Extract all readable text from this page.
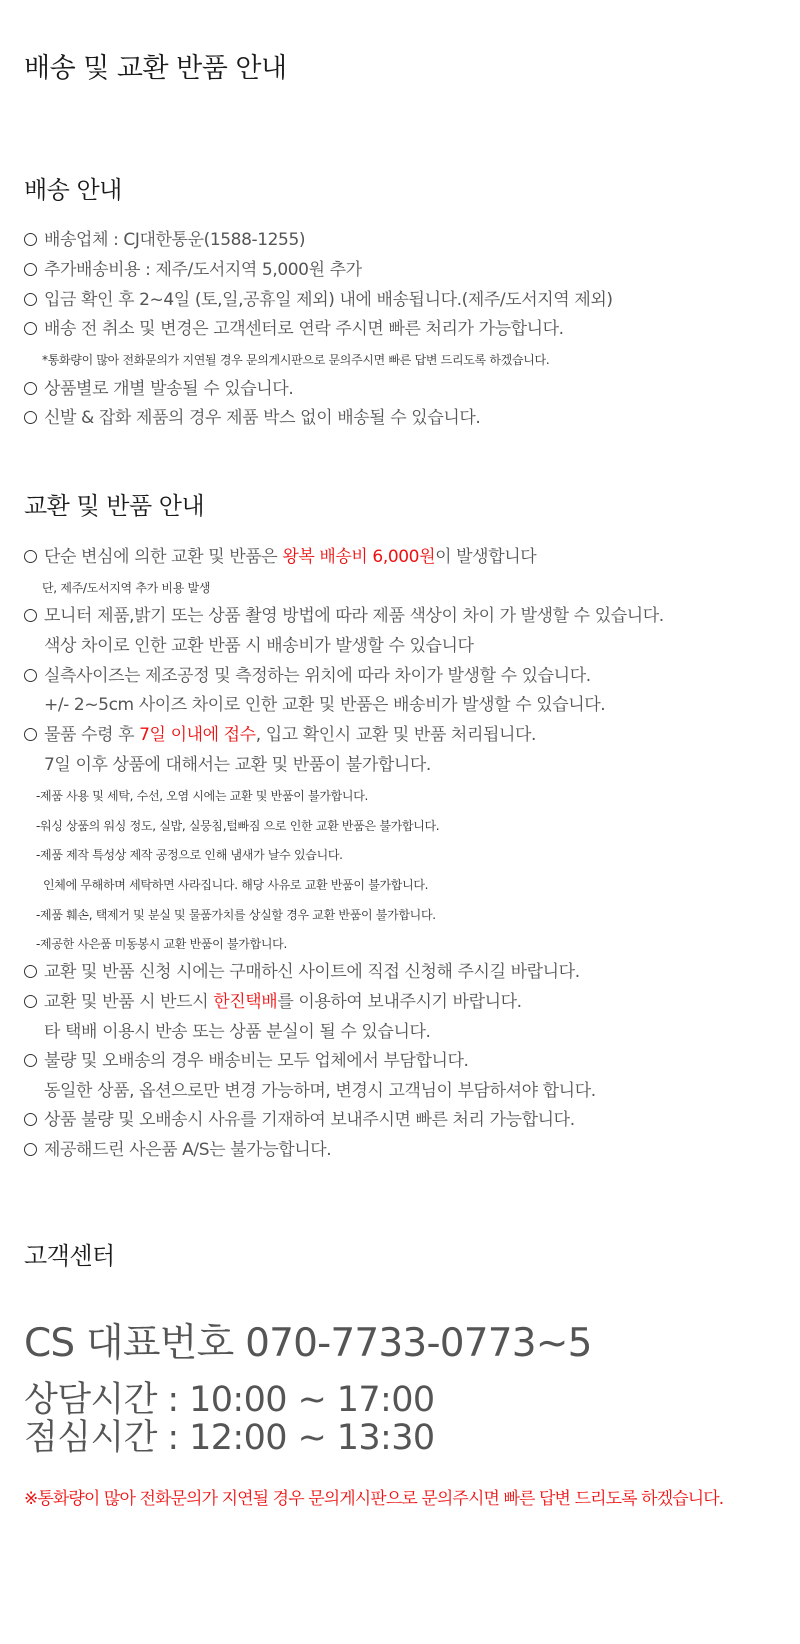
배송 및 교환 반품 안내
배송 안내
배송업체 : CJ대한통운(1588-1255)
추가배송비용 : 제주/도서지역 5,000원 추가
입금 확인 후 2~4일 (토,일,공휴일 제외) 내에 배송됩니다.(제주/도서지역 제외)
배송 전 취소 및 변경은 고객센터로 연락 주시면 빠른 처리가 가능합니다.
*통화량이 많아 전화문의가 지연될 경우 문의게시판으로 문의주시면 빠른 답변 드리도록 하겠습니다.
상품별로 개별 발송될 수 있습니다.
신발 & 잡화 제품의 경우 제품 박스 없이 배송될 수 있습니다.
교환 및 반품 안내
단순 변심에 의한 교환 및 반품은 왕복 배송비 6,000원이 발생합니다
단, 제주/도서지역 추가 비용 발생
모니터 제품,밝기 또는 상품 촬영 방법에 따라 제품 색상이 차이 가 발생할 수 있습니다.
색상 차이로 인한 교환 반품 시 배송비가 발생할 수 있습니다
실측사이즈는 제조공정 및 측정하는 위치에 따라 차이가 발생할 수 있습니다.
+/- 2~5cm 사이즈 차이로 인한 교환 및 반품은 배송비가 발생할 수 있습니다.
물품 수령 후 7일 이내에 접수, 입고 확인시 교환 및 반품 처리됩니다.
7일 이후 상품에 대해서는 교환 및 반품이 불가합니다.
-제품 사용 및 세탁, 수선, 오염 시에는 교환 및 반품이 불가합니다.
-워싱 상품의 워싱 정도, 실밥, 실뭉침,털빠짐 으로 인한 교환 반품은 불가합니다.
-제품 제작 특성상 제작 공정으로 인해 냄새가 날수 있습니다.
인체에 무해하며 세탁하면 사라집니다. 해당 사유로 교환 반품이 불가합니다.
-제품 훼손, 택제거 및 분실 및 물품가치를 상실할 경우 교환 반품이 불가합니다.
-제공한 사은품 미동봉시 교환 반품이 불가합니다.
교환 및 반품 신청 시에는 구매하신 사이트에 직접 신청해 주시길 바랍니다.
교환 및 반품 시 반드시 한진택배를 이용하여 보내주시기 바랍니다.
타 택배 이용시 반송 또는 상품 분실이 될 수 있습니다.
불량 및 오배송의 경우 배송비는 모두 업체에서 부담합니다.
동일한 상품, 옵션으로만 변경 가능하며, 변경시 고객님이 부담하셔야 합니다.
상품 불량 및 오배송시 사유를 기재하여 보내주시면 빠른 처리 가능합니다.
제공해드린 사은품 A/S는 불가능합니다.
고객센터
CS 대표번호 070-7733-0773~5
상담시간 : 10:00 ~ 17:00
점심시간 : 12:00 ~ 13:30
※통화량이 많아 전화문의가 지연될 경우 문의게시판으로 문의주시면 빠른 답변 드리도록 하겠습니다.
